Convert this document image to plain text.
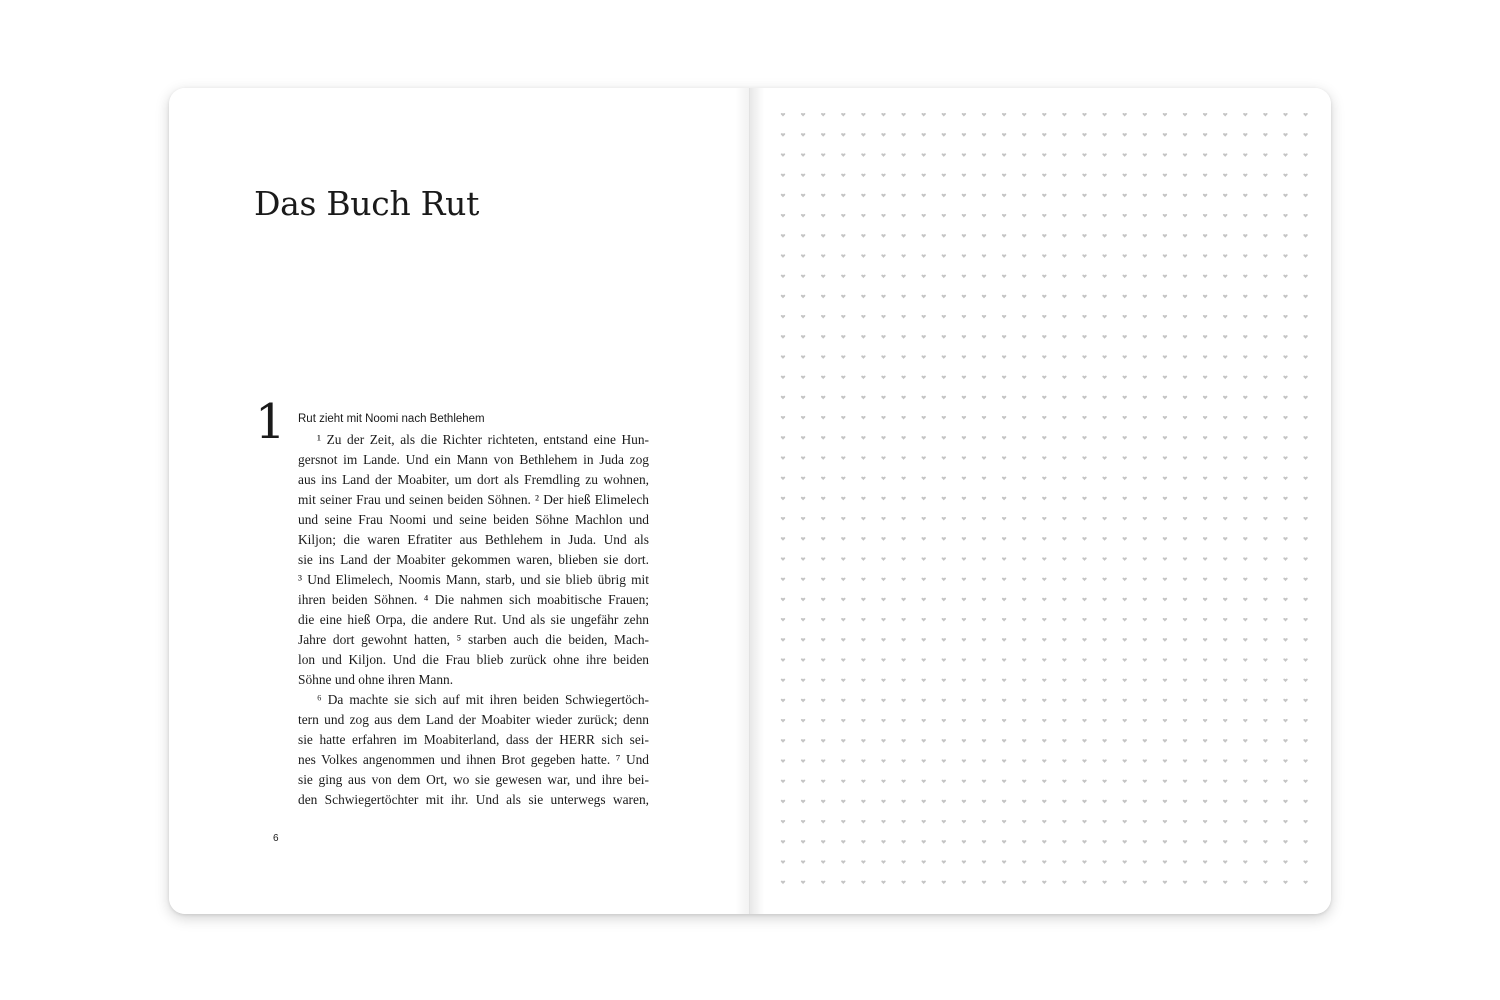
Das Buch Rut
1 Rut zieht mit Noomi nach Bethlehem
¹ Zu der Zeit, als die Richter richteten, entstand eine Hun-
gersnot im Lande. Und ein Mann von Bethlehem in Juda zog
aus ins Land der Moabiter, um dort als Fremdling zu wohnen,
mit seiner Frau und seinen beiden Söhnen. ² Der hieß Elimelech
und seine Frau Noomi und seine beiden Söhne Machlon und
Kiljon; die waren Efratiter aus Bethlehem in Juda. Und als
sie ins Land der Moabiter gekommen waren, blieben sie dort.
³ Und Elimelech, Noomis Mann, starb, und sie blieb übrig mit
ihren beiden Söhnen. ⁴ Die nahmen sich moabitische Frauen;
die eine hieß Orpa, die andere Rut. Und als sie ungefähr zehn
Jahre dort gewohnt hatten, ⁵ starben auch die beiden, Mach-
lon und Kiljon. Und die Frau blieb zurück ohne ihre beiden
Söhne und ohne ihren Mann.
⁶ Da machte sie sich auf mit ihren beiden Schwiegertöch-
tern und zog aus dem Land der Moabiter wieder zurück; denn
sie hatte erfahren im Moabiterland, dass der HERR sich sei-
nes Volkes angenommen und ihnen Brot gegeben hatte. ⁷ Und
sie ging aus von dem Ort, wo sie gewesen war, und ihre bei-
den Schwiegertöchter mit ihr. Und als sie unterwegs waren,
6
